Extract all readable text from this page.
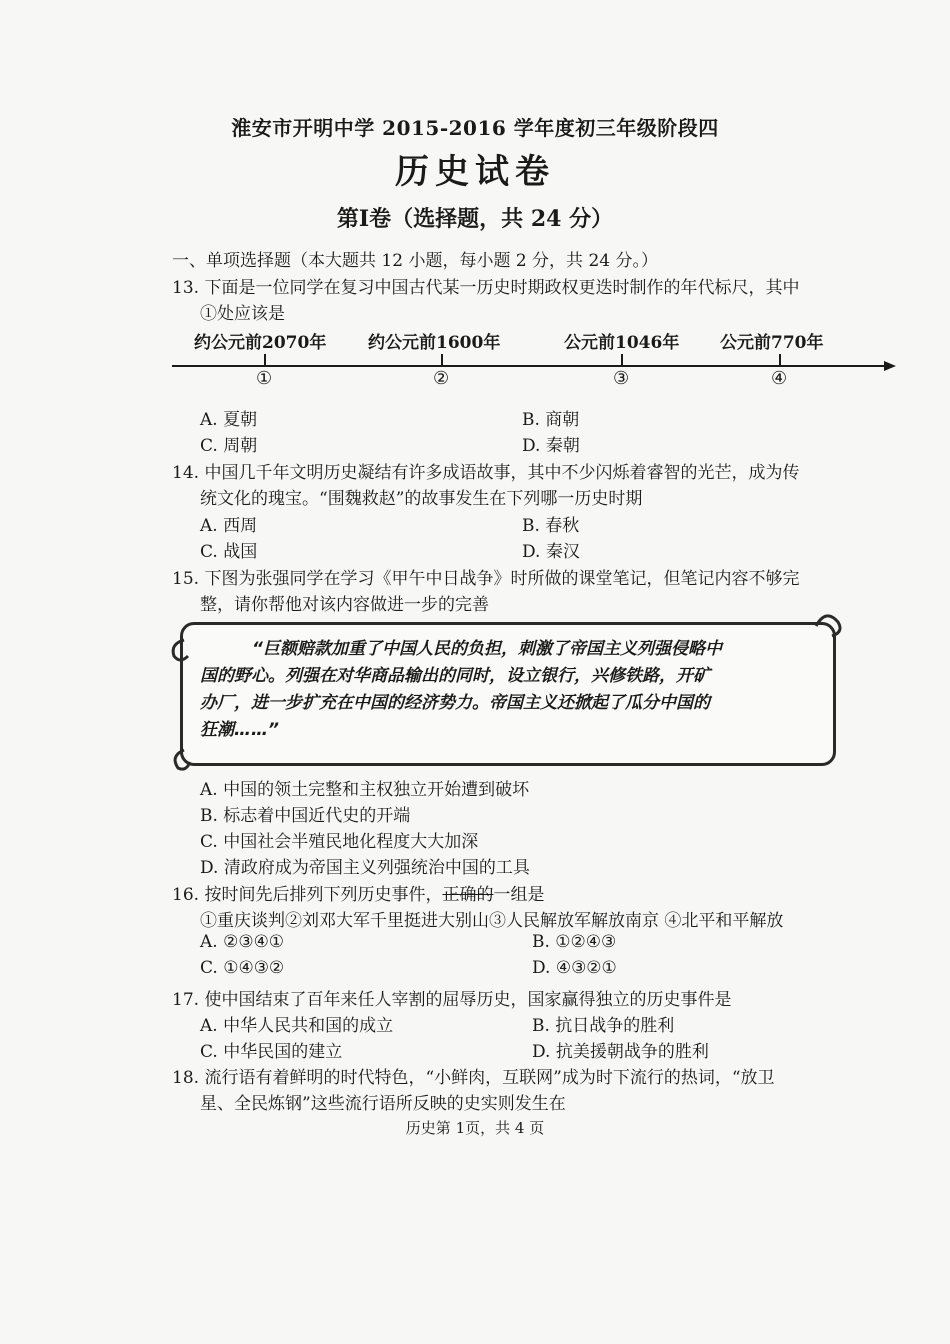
淮安市开明中学 2015-2016 学年度初三年级阶段四
历史试卷
第Ⅰ卷（选择题，共 24 分）
一、单项选择题（本大题共 12 小题，每小题 2 分，共 24 分。）
13. 下面是一位同学在复习中国古代某一历史时期政权更迭时制作的年代标尺，其中
①处应该是
约公元前2070年 约公元前1600年	公元前1046年 公元前770年
①	②	③	④
A. 夏朝	B. 商朝
C. 周朝	D. 秦朝
14. 中国几千年文明历史凝结有许多成语故事，其中不少闪烁着睿智的光芒，成为传
统文化的瑰宝。“围魏救赵”的故事发生在下列哪一历史时期
A. 西周	B. 春秋
C. 战国	D. 秦汉
15. 下图为张强同学在学习《甲午中日战争》时所做的课堂笔记，但笔记内容不够完
整，请你帮他对该内容做进一步的完善
“巨额赔款加重了中国人民的负担，刺激了帝国主义列强侵略中
国的野心。列强在对华商品输出的同时，设立银行，兴修铁路，开矿
办厂，进一步扩充在中国的经济势力。帝国主义还掀起了瓜分中国的
狂潮……”
A. 中国的领土完整和主权独立开始遭到破坏
B. 标志着中国近代史的开端
C. 中国社会半殖民地化程度大大加深
D. 清政府成为帝国主义列强统治中国的工具
16. 按时间先后排列下列历史事件，正确的一组是
①重庆谈判②刘邓大军千里挺进大别山③人民解放军解放南京 ④北平和平解放
A. ②③④①	B. ①②④③
C. ①④③②	D. ④③②①
17. 使中国结束了百年来任人宰割的屈辱历史，国家赢得独立的历史事件是
A. 中华人民共和国的成立	B. 抗日战争的胜利
C. 中华民国的建立	D. 抗美援朝战争的胜利
18. 流行语有着鲜明的时代特色，“小鲜肉，互联网”成为时下流行的热词，“放卫
星、全民炼钢”这些流行语所反映的史实则发生在
历史第 1页，共 4 页
